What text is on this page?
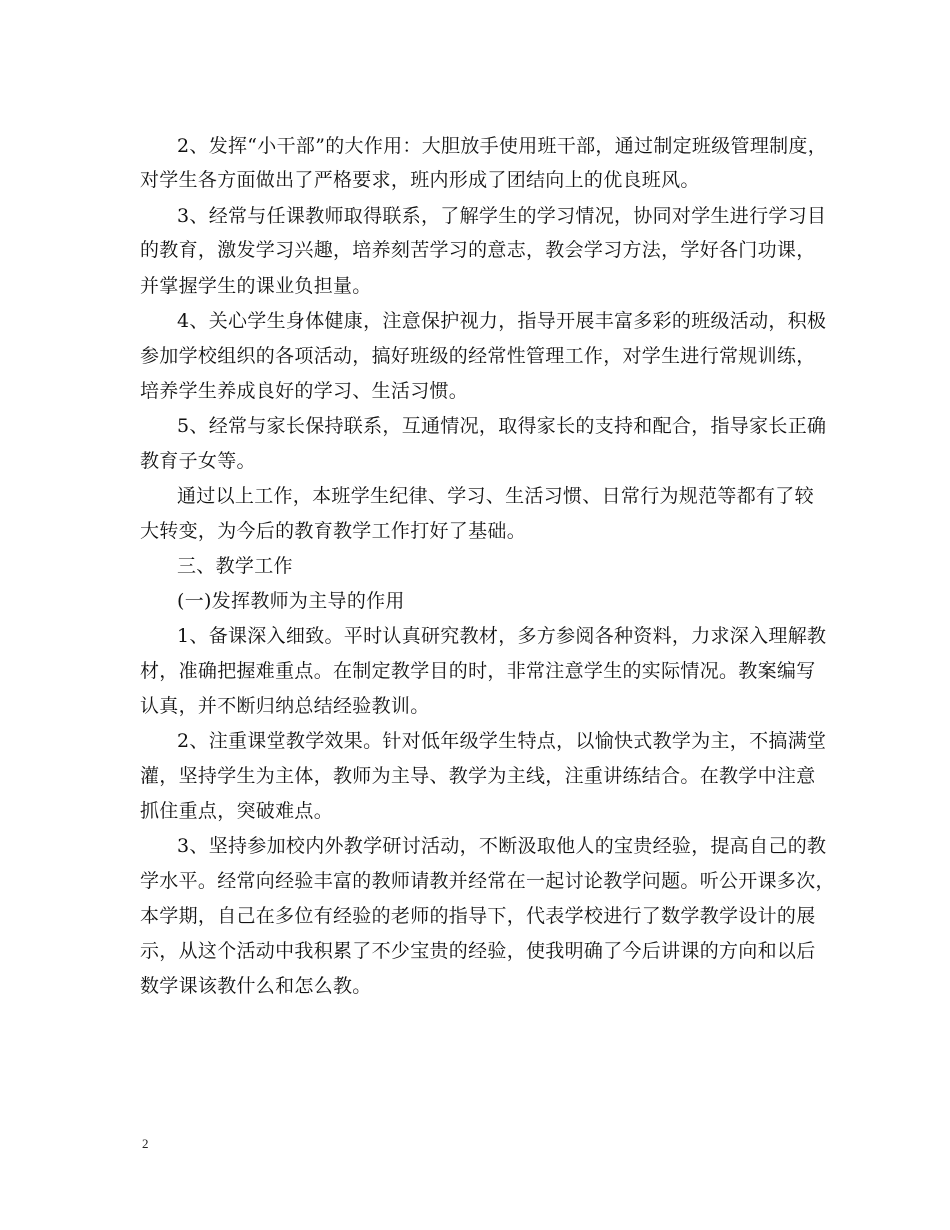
2、发挥“小干部”的大作用：大胆放手使用班干部，通过制定班级管理制度，
对学生各方面做出了严格要求，班内形成了团结向上的优良班风。
3、经常与任课教师取得联系，了解学生的学习情况，协同对学生进行学习目
的教育，激发学习兴趣，培养刻苦学习的意志，教会学习方法，学好各门功课，
并掌握学生的课业负担量。
4、关心学生身体健康，注意保护视力，指导开展丰富多彩的班级活动，积极
参加学校组织的各项活动，搞好班级的经常性管理工作，对学生进行常规训练，
培养学生养成良好的学习、生活习惯。
5、经常与家长保持联系，互通情况，取得家长的支持和配合，指导家长正确
教育子女等。
通过以上工作，本班学生纪律、学习、生活习惯、日常行为规范等都有了较
大转变，为今后的教育教学工作打好了基础。
三、教学工作
(一)发挥教师为主导的作用
1、备课深入细致。平时认真研究教材，多方参阅各种资料，力求深入理解教
材，准确把握难重点。在制定教学目的时，非常注意学生的实际情况。教案编写
认真，并不断归纳总结经验教训。
2、注重课堂教学效果。针对低年级学生特点，以愉快式教学为主，不搞满堂
灌，坚持学生为主体，教师为主导、教学为主线，注重讲练结合。在教学中注意
抓住重点，突破难点。
3、坚持参加校内外教学研讨活动，不断汲取他人的宝贵经验，提高自己的教
学水平。经常向经验丰富的教师请教并经常在一起讨论教学问题。听公开课多次，
本学期，自己在多位有经验的老师的指导下，代表学校进行了数学教学设计的展
示，从这个活动中我积累了不少宝贵的经验，使我明确了今后讲课的方向和以后
数学课该教什么和怎么教。
2
